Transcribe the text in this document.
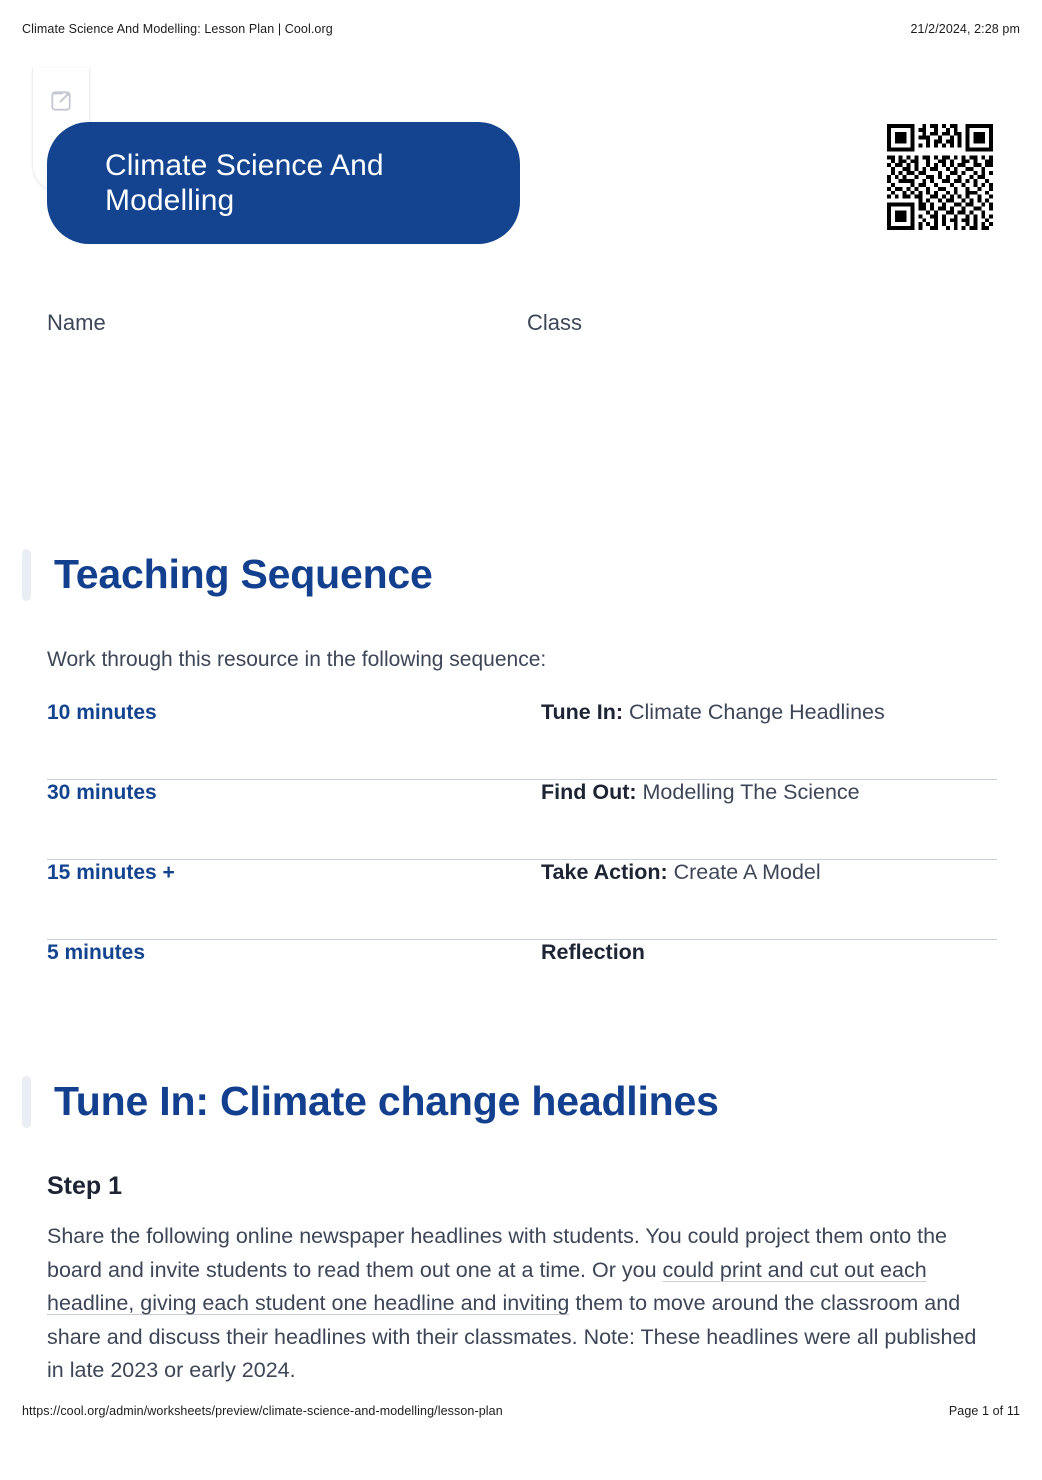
Climate Science And Modelling: Lesson Plan | Cool.org	21/2/2024, 2:28 pm
Climate Science And Modelling
Name	Class
Teaching Sequence
Work through this resource in the following sequence:
10 minutes	Tune In: Climate Change Headlines
30 minutes	Find Out: Modelling The Science
15 minutes +	Take Action: Create A Model
5 minutes	Reflection
Tune In: Climate change headlines
Step 1
Share the following online newspaper headlines with students. You could project them onto the board and invite students to read them out one at a time. Or you could print and cut out each headline, giving each student one headline and inviting them to move around the classroom and share and discuss their headlines with their classmates. Note: These headlines were all published in late 2023 or early 2024.
https://cool.org/admin/worksheets/preview/climate-science-and-modelling/lesson-plan	Page 1 of 11
